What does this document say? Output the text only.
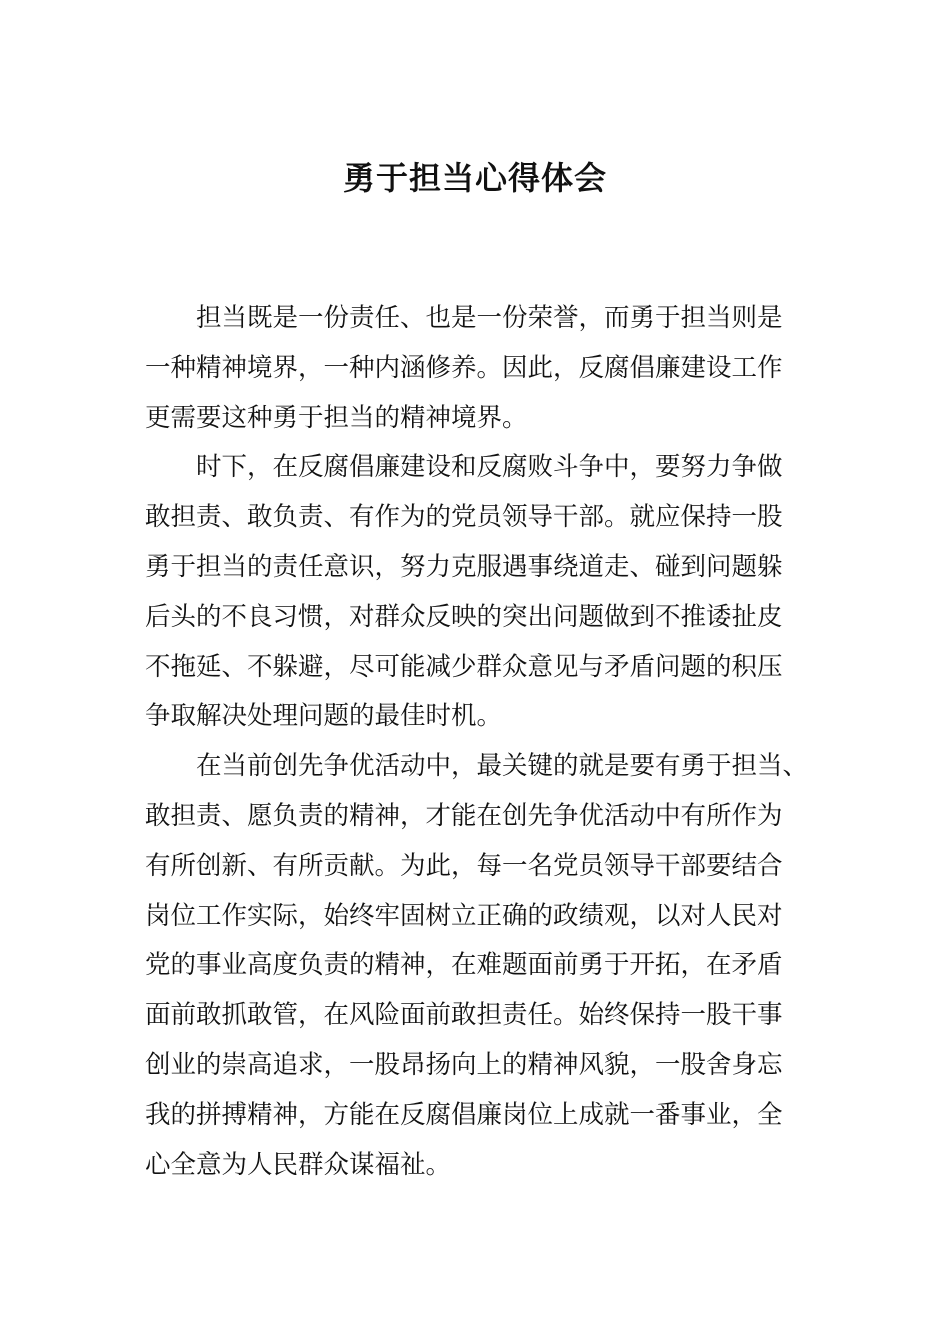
勇于担当心得体会
担当既是一份责任、也是一份荣誉，而勇于担当则是
一种精神境界，一种内涵修养。因此，反腐倡廉建设工作
更需要这种勇于担当的精神境界。
时下，在反腐倡廉建设和反腐败斗争中，要努力争做
敢担责、敢负责、有作为的党员领导干部。就应保持一股
勇于担当的责任意识，努力克服遇事绕道走、碰到问题躲
后头的不良习惯，对群众反映的突出问题做到不推诿扯皮
不拖延、不躲避，尽可能减少群众意见与矛盾问题的积压
争取解决处理问题的最佳时机。
在当前创先争优活动中，最关键的就是要有勇于担当、
敢担责、愿负责的精神，才能在创先争优活动中有所作为
有所创新、有所贡献。为此，每一名党员领导干部要结合
岗位工作实际，始终牢固树立正确的政绩观，以对人民对
党的事业高度负责的精神，在难题面前勇于开拓，在矛盾
面前敢抓敢管，在风险面前敢担责任。始终保持一股干事
创业的崇高追求，一股昂扬向上的精神风貌，一股舍身忘
我的拼搏精神，方能在反腐倡廉岗位上成就一番事业，全
心全意为人民群众谋福祉。
